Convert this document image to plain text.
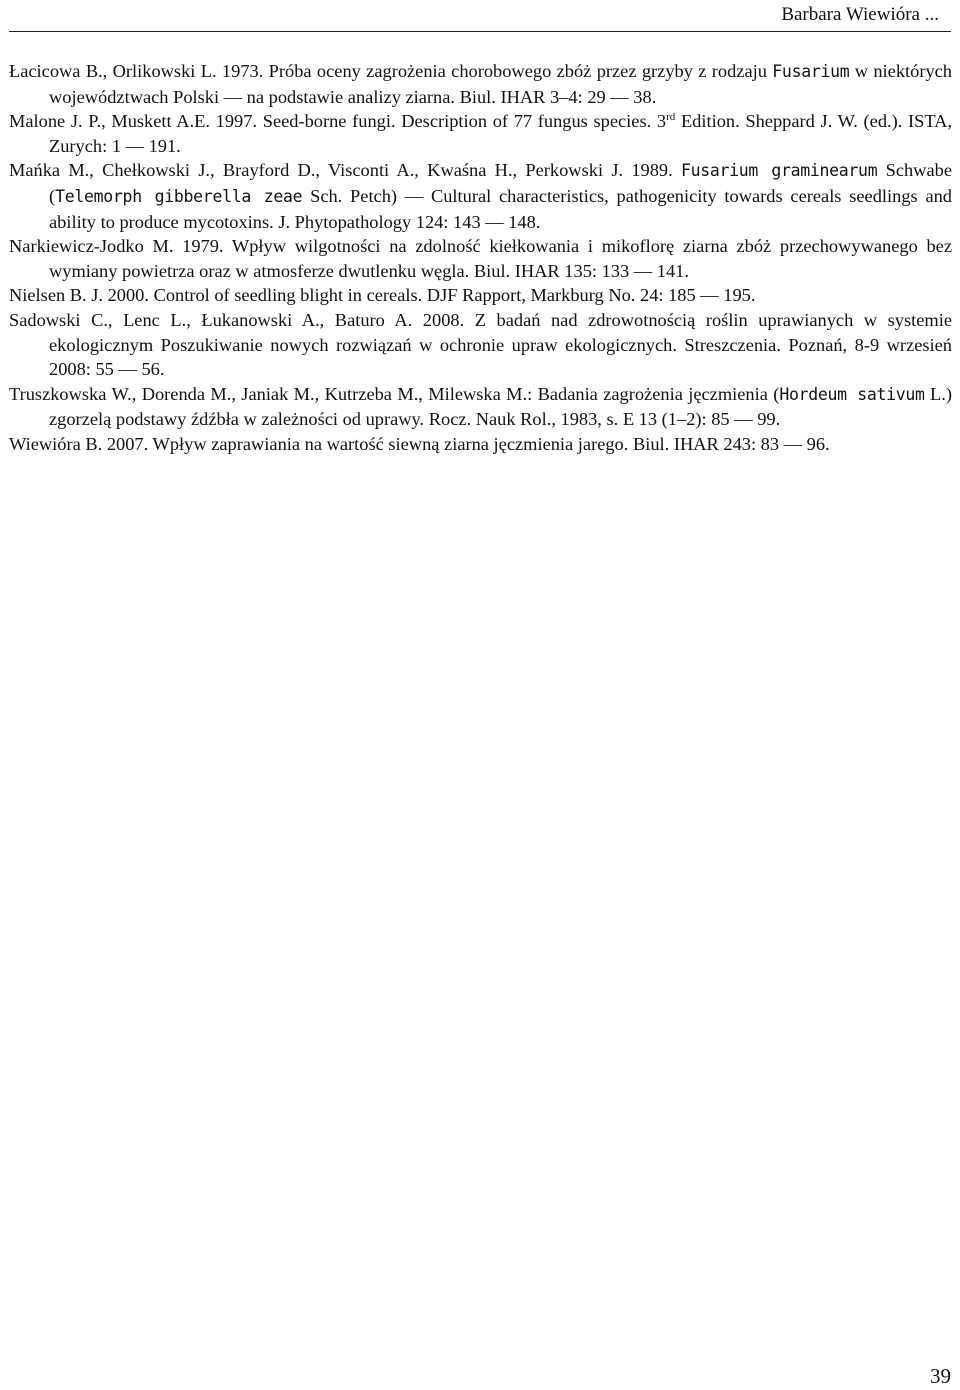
Barbara Wiewióra ...
Łacicowa B., Orlikowski L. 1973. Próba oceny zagrożenia chorobowego zbóż przez grzyby z rodzaju Fusarium w niektórych województwach Polski — na podstawie analizy ziarna. Biul. IHAR 3–4: 29 — 38.
Malone J. P., Muskett A.E. 1997. Seed-borne fungi. Description of 77 fungus species. 3rd Edition. Sheppard J. W. (ed.). ISTA, Zurych: 1 — 191.
Mańka M., Chełkowski J., Brayford D., Visconti A., Kwaśna H., Perkowski J. 1989. Fusarium graminearum Schwabe (Telemorph gibberella zeae Sch. Petch) — Cultural characteristics, pathogenicity towards cereals seedlings and ability to produce mycotoxins. J. Phytopathology 124: 143 — 148.
Narkiewicz-Jodko M. 1979. Wpływ wilgotności na zdolność kiełkowania i mikoflorę ziarna zbóż przechowywanego bez wymiany powietrza oraz w atmosferze dwutlenku węgla. Biul. IHAR 135: 133 — 141.
Nielsen B. J. 2000. Control of seedling blight in cereals. DJF Rapport, Markburg No. 24: 185 — 195.
Sadowski C., Lenc L., Łukanowski A., Baturo A. 2008. Z badań nad zdrowotnością roślin uprawianych w systemie ekologicznym Poszukiwanie nowych rozwiązań w ochronie upraw ekologicznych. Streszczenia. Poznań, 8-9 wrzesień 2008: 55 — 56.
Truszkowska W., Dorenda M., Janiak M., Kutrzeba M., Milewska M.: Badania zagrożenia jęczmienia (Hordeum sativum L.) zgorzelą podstawy źdźbła w zależności od uprawy. Rocz. Nauk Rol., 1983, s. E 13 (1–2): 85 — 99.
Wiewióra B. 2007. Wpływ zaprawiania na wartość siewną ziarna jęczmienia jarego. Biul. IHAR 243: 83 — 96.
39
